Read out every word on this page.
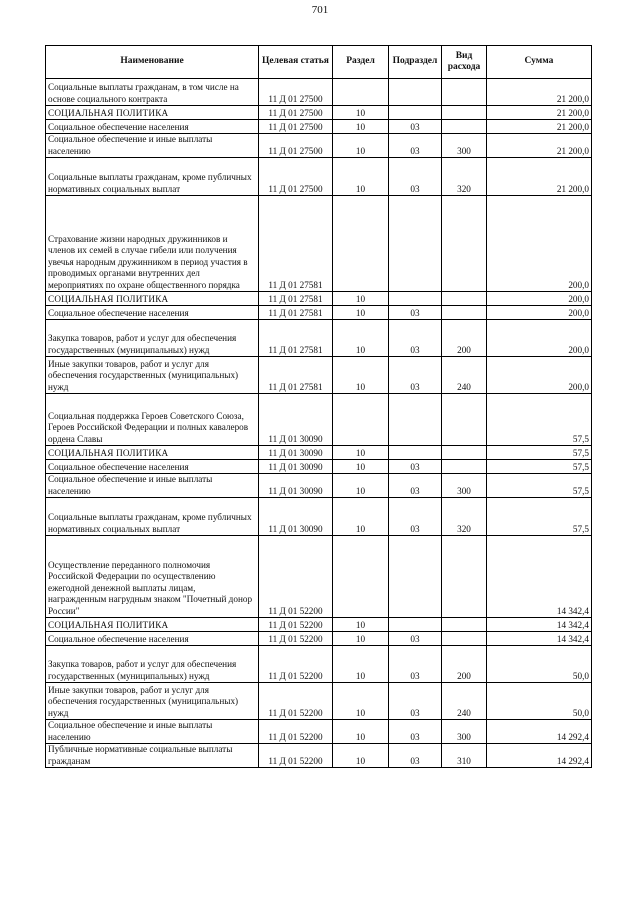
701
Наименование	Целевая статья	Раздел	Подраздел	Вид расхода	Сумма
Социальные выплаты гражданам, в том числе на основе социального контракта	11 Д 01 27500				21 200,0
СОЦИАЛЬНАЯ ПОЛИТИКА	11 Д 01 27500	10			21 200,0
Социальное обеспечение населения	11 Д 01 27500	10	03		21 200,0
Социальное обеспечение и иные выплаты населению	11 Д 01 27500	10	03	300	21 200,0
Социальные выплаты гражданам, кроме публичных нормативных социальных выплат	11 Д 01 27500	10	03	320	21 200,0
Страхование жизни народных дружинников и членов их семей в случае гибели или получения увечья народным дружинником в период участия в проводимых органами внутренних дел мероприятиях по охране общественного порядка	11 Д 01 27581				200,0
СОЦИАЛЬНАЯ ПОЛИТИКА	11 Д 01 27581	10			200,0
Социальное обеспечение населения	11 Д 01 27581	10	03		200,0
Закупка товаров, работ и услуг для обеспечения государственных (муниципальных) нужд	11 Д 01 27581	10	03	200	200,0
Иные закупки товаров, работ и услуг для обеспечения государственных (муниципальных) нужд	11 Д 01 27581	10	03	240	200,0
Социальная поддержка Героев Советского Союза, Героев Российской Федерации и полных кавалеров ордена Славы	11 Д 01 30090				57,5
СОЦИАЛЬНАЯ ПОЛИТИКА	11 Д 01 30090	10			57,5
Социальное обеспечение населения	11 Д 01 30090	10	03		57,5
Социальное обеспечение и иные выплаты населению	11 Д 01 30090	10	03	300	57,5
Социальные выплаты гражданам, кроме публичных нормативных социальных выплат	11 Д 01 30090	10	03	320	57,5
Осуществление переданного полномочия Российской Федерации по осуществлению ежегодной денежной выплаты лицам, награжденным нагрудным знаком "Почетный донор России"	11 Д 01 52200				14 342,4
СОЦИАЛЬНАЯ ПОЛИТИКА	11 Д 01 52200	10			14 342,4
Социальное обеспечение населения	11 Д 01 52200	10	03		14 342,4
Закупка товаров, работ и услуг для обеспечения государственных (муниципальных) нужд	11 Д 01 52200	10	03	200	50,0
Иные закупки товаров, работ и услуг для обеспечения государственных (муниципальных) нужд	11 Д 01 52200	10	03	240	50,0
Социальное обеспечение и иные выплаты населению	11 Д 01 52200	10	03	300	14 292,4
Публичные нормативные социальные выплаты гражданам	11 Д 01 52200	10	03	310	14 292,4
